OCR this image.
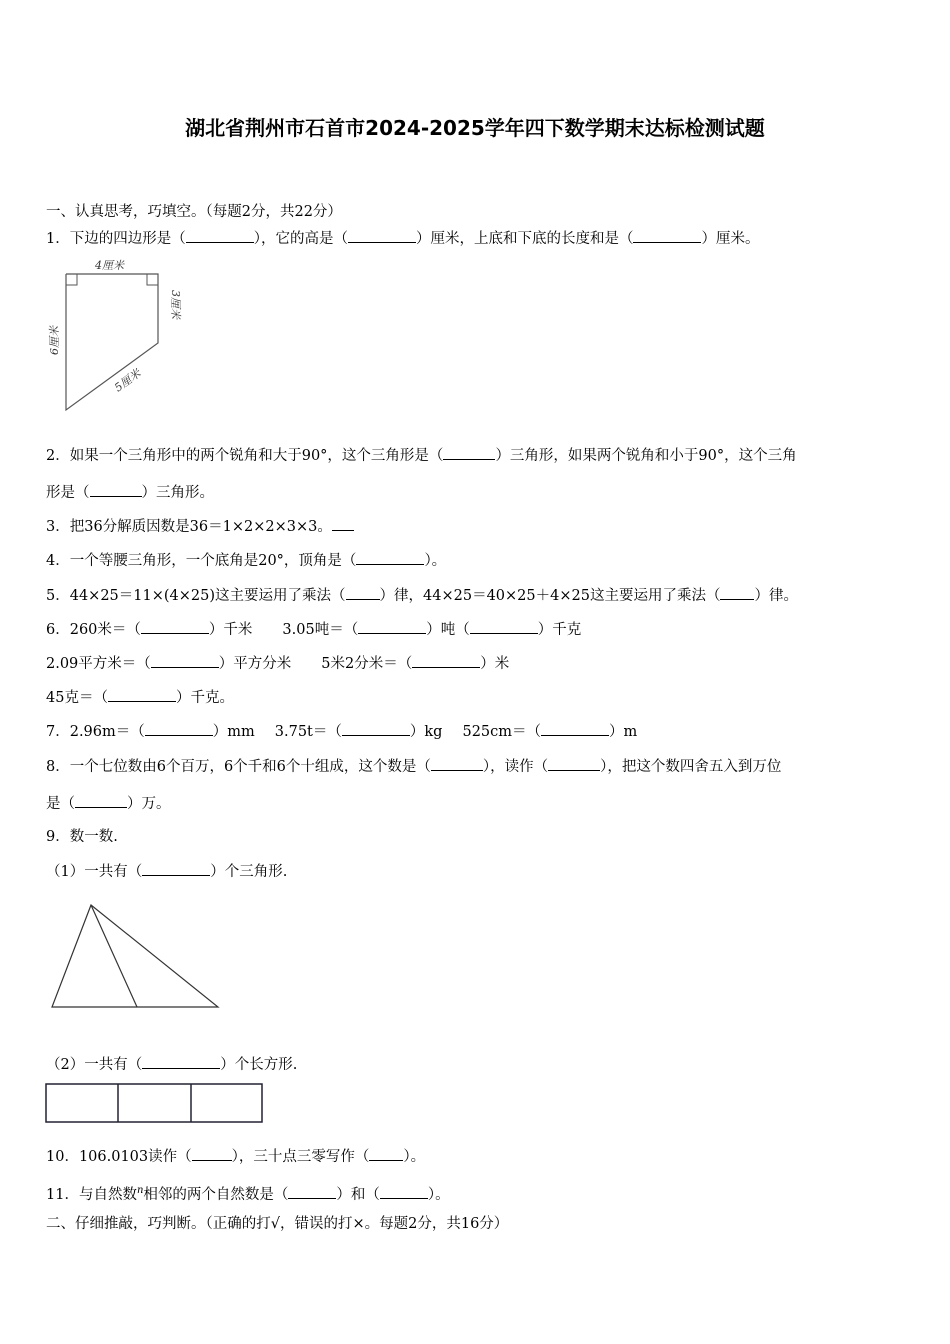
湖北省荆州市石首市2024-2025学年四下数学期末达标检测试题
一、认真思考，巧填空。（每题2分，共22分）
1．下边的四边形是（	），它的高是（	）厘米，上底和下底的长度和是（	）厘米。
4厘米
3厘米
6厘米
5厘米
2．如果一个三角形中的两个锐角和大于90°，这个三角形是（	）三角形，如果两个锐角和小于90°，这个三角
形是（	）三角形。
3．把36分解质因数是36＝1×2×2×3×3。
4．一个等腰三角形，一个底角是20°，顶角是（	）。
5．44×25＝11×(4×25)这主要运用了乘法（ ）律，44×25＝40×25＋4×25这主要运用了乘法（ ）律。
6．260米＝（	）千米 3.05吨＝（	）吨（	）千克
2.09平方米＝（	）平方分米 5米2分米＝（	）米
45克＝（	）千克。
7．2.96m＝（	）mm 3.75t＝（	）kg 525cm＝（	）m
8．一个七位数由6个百万，6个千和6个十组成，这个数是（	），读作（	），把这个数四舍五入到万位
是（	）万。
9．数一数.
（1）一共有（	）个三角形.
（2）一共有（	）个长方形.
10．106.0103读作（	），三十点三零写作（ ）。
11．与自然数$^n$相邻的两个自然数是（	）和（	）。
二、仔细推敲，巧判断。（正确的打√，错误的打×。每题2分，共16分）
